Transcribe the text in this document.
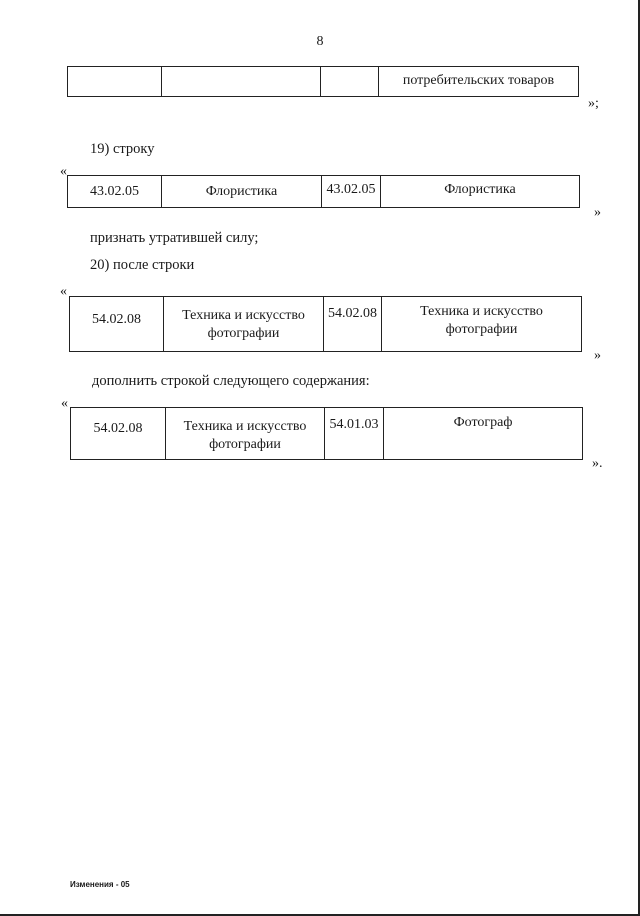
8
			потребительских товаров
»;
19) строку
«
43.02.05	Флористика	43.02.05	Флористика
»
признать утратившей силу;
20) после строки
«
54.02.08	Техника и искусство фотографии	54.02.08	Техника и искусство фотографии
»
дополнить строкой следующего содержания:
«
54.02.08	Техника и искусство фотографии	54.01.03	Фотограф
».
Изменения - 05
